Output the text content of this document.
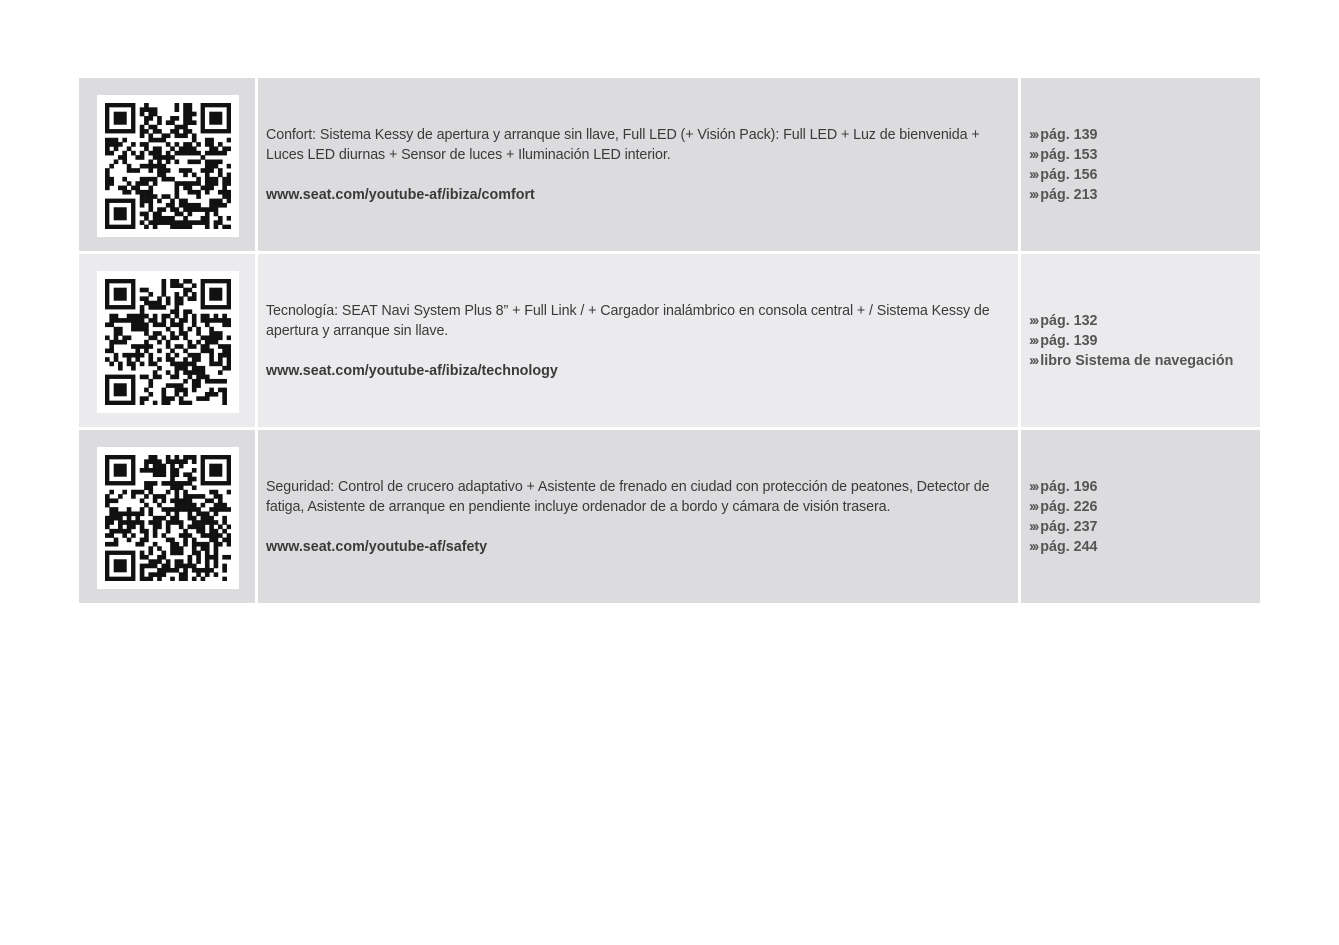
Confort: Sistema Kessy de apertura y arranque sin llave, Full LED (+ Visión Pack): Full LED + Luz de bienvenida + Luces LED diurnas + Sensor de luces + Iluminación LED interior.

www.seat.com/youtube-af/ibiza/comfort
››› pág. 139
››› pág. 153
››› pág. 156
››› pág. 213

Tecnología: SEAT Navi System Plus 8” + Full Link / + Cargador inalámbrico en consola central + / Sistema Kessy de apertura y arranque sin llave.

www.seat.com/youtube-af/ibiza/technology
››› pág. 132
››› pág. 139
››› libro Sistema de navegación

Seguridad: Control de crucero adaptativo + Asistente de frenado en ciudad con protección de peatones, Detector de fatiga, Asistente de arranque en pendiente incluye ordenador de a bordo y cámara de visión trasera.

www.seat.com/youtube-af/safety
››› pág. 196
››› pág. 226
››› pág. 237
››› pág. 244
